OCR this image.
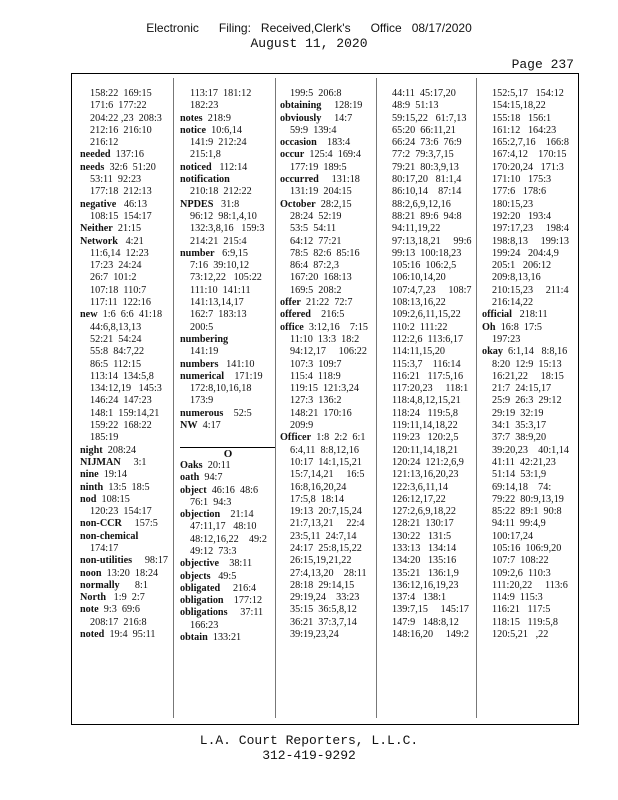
Electronic      Filing:   Received,Clerk's      Office   08/17/2020
August 11, 2020
Page 237
158:22  169:15
171:6  177:22
204:22 ,23  208:3
212:16  216:10
216:12
needed  137:16
needs  32:6  51:20
53:11  92:23
177:18  212:13
negative   46:13
108:15  154:17
Neither  21:15
Network   4:21
11:6,14  12:23
17:23  24:24
26:7  101:2
107:18  110:7
117:11  122:16
new  1:6  6:6  41:18
44:6,8,13,13
52:21  54:24
55:8  84:7,22
86:5  112:15
113:14  134:5,8
134:12,19   145:3
146:24  147:23
148:1  159:14,21
159:22  168:22
185:19
night  208:24
NIJMAN     3:1
nine  19:14
ninth  13:5  18:5
nod  108:15
120:23  154:17
non-CCR     157:5
non-chemical
174:17
non-utilities     98:17
noon  13:20  18:24
normally      8:1
North   1:9  2:7
note  9:3  69:6
208:17  216:8
noted  19:4  95:11
113:17  181:12
182:23
notes  218:9
notice  10:6,14
141:9  212:24
215:1,8
noticed   112:14
notification
210:18  212:22
NPDES   31:8
96:12  98:1,4,10
132:3,8,16   159:3
214:21  215:4
number   6:9,15
7:16  39:10,12
73:12,22   105:22
111:10  141:11
141:13,14,17
162:7  183:13
200:5
numbering
141:19
numbers   141:10
numerical    171:19
172:8,10,16,18
173:9
numerous    52:5
NW  4:17
O
Oaks  20:11
oath  94:7
object  46:16  48:6
76:1  94:3
objection    21:14
47:11,17   48:10
48:12,16,22    49:2
49:12  73:3
objective    38:11
objects   49:5
obligated     216:4
obligation    177:12
obligations     37:11
166:23
obtain  133:21
199:5  206:8
obtaining     128:19
obviously     14:7
59:9  139:4
occasion    183:4
occur  125:4  169:4
177:19  189:5
occurred     131:18
131:19  204:15
October  28:2,15
28:24  52:19
53:5  54:11
64:12  77:21
78:5  82:6  85:16
86:4  87:2,3
167:20  168:13
169:5  208:2
offer  21:22  72:7
offered    216:5
office  3:12,16    7:15
11:10  13:3  18:2
94:12,17     106:22
107:3  109:7
115:4  118:9
119:15  121:3,24
127:3  136:2
148:21  170:16
209:9
Officer  1:8  2:2  6:1
6:4,11  8:8,12,16
10:17  14:1,15,21
15:7,14,21     16:5
16:8,16,20,24
17:5,8  18:14
19:13  20:7,15,24
21:7,13,21     22:4
23:5,11  24:7,14
24:17  25:8,15,22
26:15,19,21,22
27:4,13,20    28:11
28:18  29:14,15
29:19,24    33:23
35:15  36:5,8,12
36:21  37:3,7,14
39:19,23,24
44:11  45:17,20
48:9  51:13
59:15,22   61:7,13
65:20  66:11,21
66:24  73:6  76:9
77:2  79:3,7,15
79:21  80:3,9,13
80:17,20   81:1,4
86:10,14    87:14
88:2,6,9,12,16
88:21  89:6  94:8
94:11,19,22
97:13,18,21     99:6
99:13  100:18,23
105:16  106:2,5
106:10,14,20
107:4,7,23     108:7
108:13,16,22
109:2,6,11,15,22
110:2  111:22
112:2,6  113:6,17
114:11,15,20
115:3,7    116:14
116:21   117:5,16
117:20,23     118:1
118:4,8,12,15,21
118:24   119:5,8
119:11,14,18,22
119:23   120:2,5
120:11,14,18,21
120:24  121:2,6,9
121:13,16,20,23
122:3,6,11,14
126:12,17,22
127:2,6,9,18,22
128:21  130:17
130:22   131:5
133:13   134:14
134:20   135:16
135:21   136:1,9
136:12,16,19,23
137:4   138:1
139:7,15     145:17
147:9   148:8,12
148:16,20     149:2
152:5,17   154:12
154:15,18,22
155:18   156:1
161:12   164:23
165:2,7,16    166:8
167:4,12    170:15
170:20,24   171:3
171:10   175:3
177:6   178:6
180:15,23
192:20   193:4
197:17,23     198:4
198:8,13     199:13
199:24   204:4,9
205:1   206:12
209:8,13,16
210:15,23     211:4
216:14,22
official   218:11
Oh  16:8  17:5
197:23
okay  6:1,14   8:8,16
8:20  12:9  15:13
16:21,22     18:15
21:7  24:15,17
25:9  26:3  29:12
29:19  32:19
34:1  35:3,17
37:7  38:9,20
39:20,23    40:1,14
41:11  42:21,23
51:14  53:1,9
69:14,18    74:
79:22  80:9,13,19
85:22  89:1  90:8
94:11  99:4,9
100:17,24
105:16  106:9,20
107:7  108:22
109:2,6  110:3
111:20,22     113:6
114:9  115:3
116:21   117:5
118:15   119:5,8
120:5,21   ,22
L.A. Court Reporters, L.L.C.
312-419-9292
